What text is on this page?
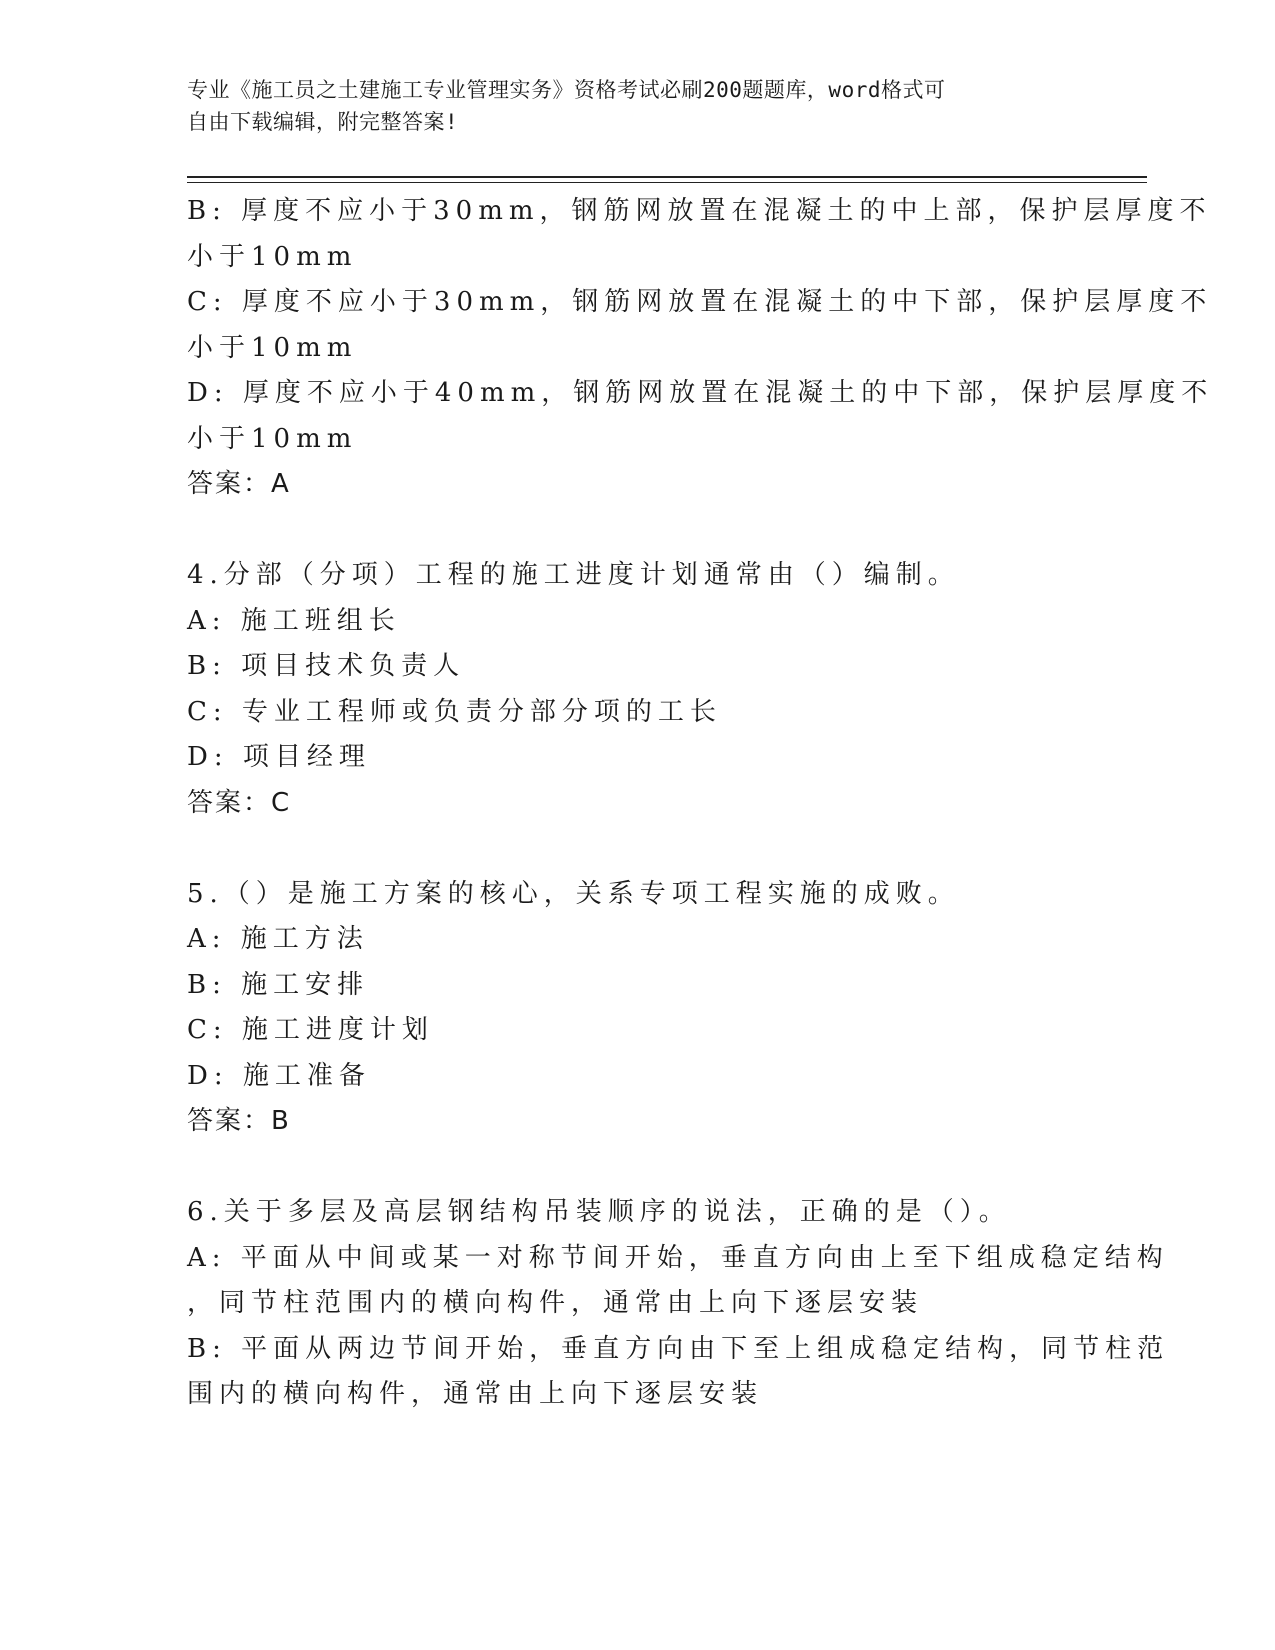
专业《施工员之土建施工专业管理实务》资格考试必刷200题题库，word格式可
自由下载编辑，附完整答案!
B: 厚度不应小于30mm，钢筋网放置在混凝土的中上部，保护层厚度不
小于10mm
C: 厚度不应小于30mm，钢筋网放置在混凝土的中下部，保护层厚度不
小于10mm
D: 厚度不应小于40mm，钢筋网放置在混凝土的中下部，保护层厚度不
小于10mm
答案：A
4.分部（分项）工程的施工进度计划通常由（）编制。
A: 施工班组长
B: 项目技术负责人
C: 专业工程师或负责分部分项的工长
D: 项目经理
答案：C
5.（）是施工方案的核心，关系专项工程实施的成败。
A: 施工方法
B: 施工安排
C: 施工进度计划
D: 施工准备
答案：B
6.关于多层及高层钢结构吊装顺序的说法，正确的是（）。
A: 平面从中间或某一对称节间开始，垂直方向由上至下组成稳定结构
，同节柱范围内的横向构件，通常由上向下逐层安装
B: 平面从两边节间开始，垂直方向由下至上组成稳定结构，同节柱范
围内的横向构件，通常由上向下逐层安装
